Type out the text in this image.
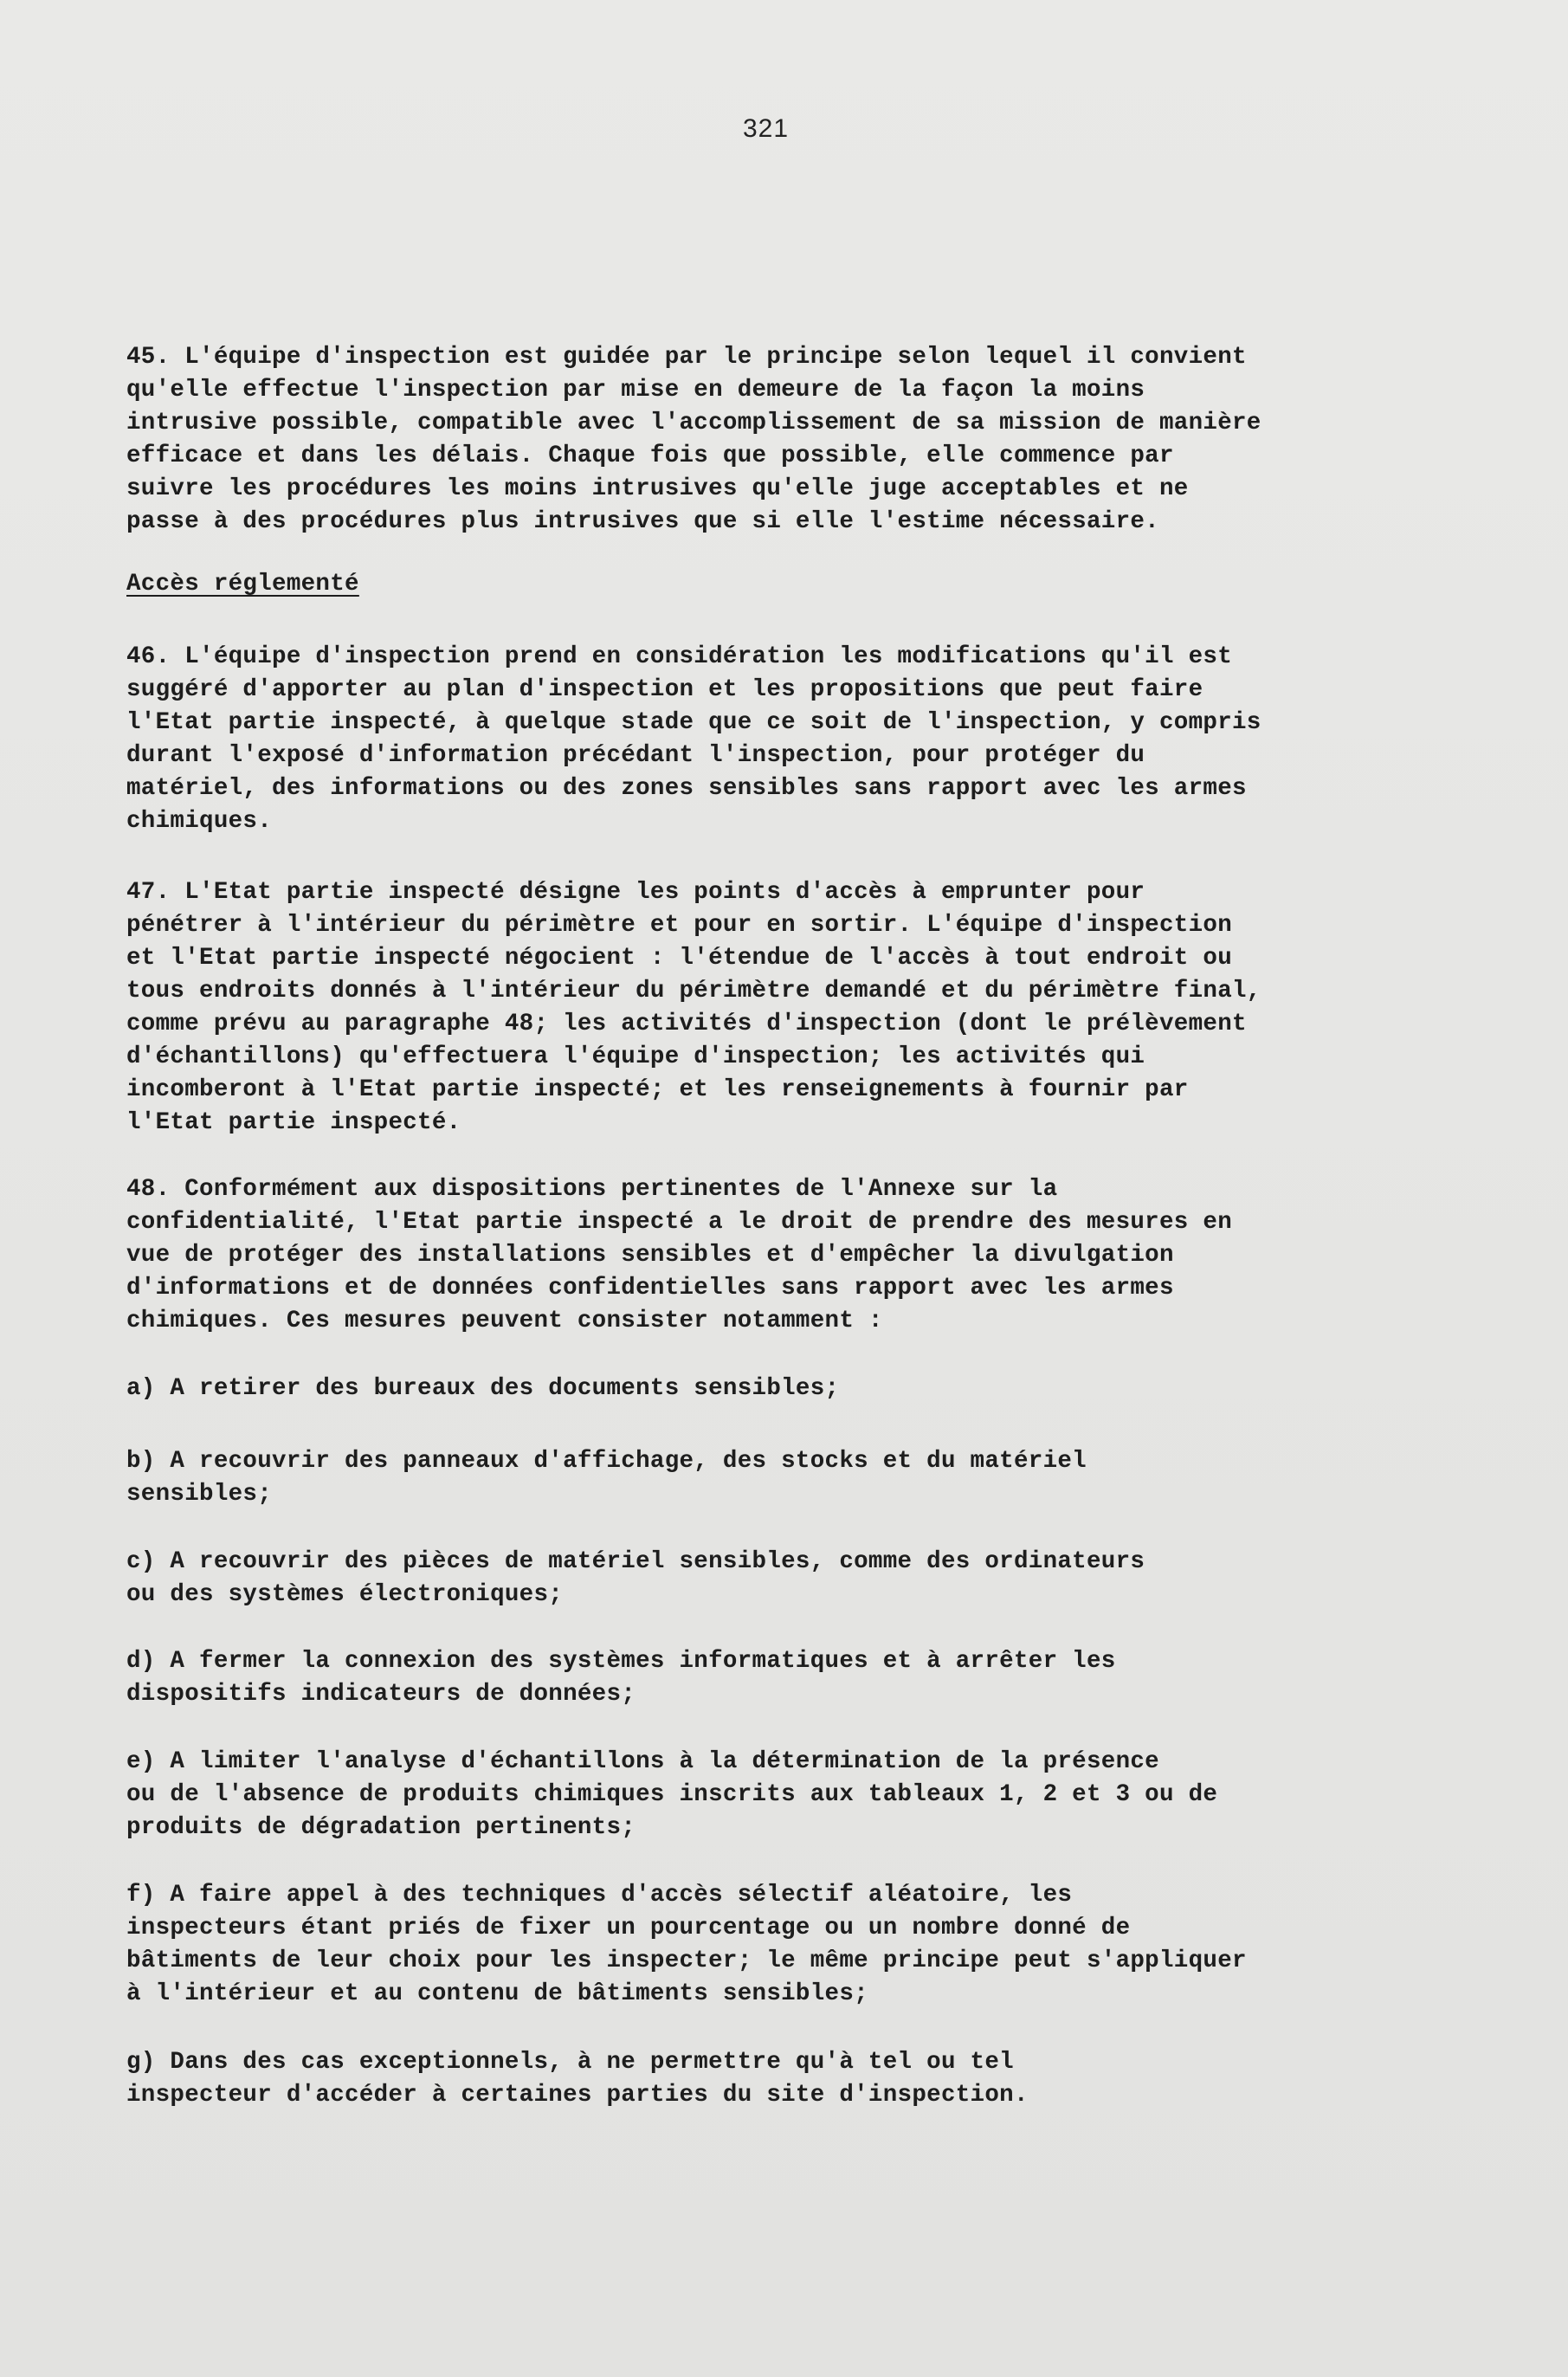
321
45. L'équipe d'inspection est guidée par le principe selon lequel il convient
qu'elle effectue l'inspection par mise en demeure de la façon la moins
intrusive possible, compatible avec l'accomplissement de sa mission de manière
efficace et dans les délais. Chaque fois que possible, elle commence par
suivre les procédures les moins intrusives qu'elle juge acceptables et ne
passe à des procédures plus intrusives que si elle l'estime nécessaire.
Accès réglementé
46. L'équipe d'inspection prend en considération les modifications qu'il est
suggéré d'apporter au plan d'inspection et les propositions que peut faire
l'Etat partie inspecté, à quelque stade que ce soit de l'inspection, y compris
durant l'exposé d'information précédant l'inspection, pour protéger du
matériel, des informations ou des zones sensibles sans rapport avec les armes
chimiques.
47. L'Etat partie inspecté désigne les points d'accès à emprunter pour
pénétrer à l'intérieur du périmètre et pour en sortir. L'équipe d'inspection
et l'Etat partie inspecté négocient : l'étendue de l'accès à tout endroit ou
tous endroits donnés à l'intérieur du périmètre demandé et du périmètre final,
comme prévu au paragraphe 48; les activités d'inspection (dont le prélèvement
d'échantillons) qu'effectuera l'équipe d'inspection; les activités qui
incomberont à l'Etat partie inspecté; et les renseignements à fournir par
l'Etat partie inspecté.
48. Conformément aux dispositions pertinentes de l'Annexe sur la
confidentialité, l'Etat partie inspecté a le droit de prendre des mesures en
vue de protéger des installations sensibles et d'empêcher la divulgation
d'informations et de données confidentielles sans rapport avec les armes
chimiques. Ces mesures peuvent consister notamment :
a) A retirer des bureaux des documents sensibles;
b) A recouvrir des panneaux d'affichage, des stocks et du matériel
sensibles;
c) A recouvrir des pièces de matériel sensibles, comme des ordinateurs
ou des systèmes électroniques;
d) A fermer la connexion des systèmes informatiques et à arrêter les
dispositifs indicateurs de données;
e) A limiter l'analyse d'échantillons à la détermination de la présence
ou de l'absence de produits chimiques inscrits aux tableaux 1, 2 et 3 ou de
produits de dégradation pertinents;
f) A faire appel à des techniques d'accès sélectif aléatoire, les
inspecteurs étant priés de fixer un pourcentage ou un nombre donné de
bâtiments de leur choix pour les inspecter; le même principe peut s'appliquer
à l'intérieur et au contenu de bâtiments sensibles;
g) Dans des cas exceptionnels, à ne permettre qu'à tel ou tel
inspecteur d'accéder à certaines parties du site d'inspection.
